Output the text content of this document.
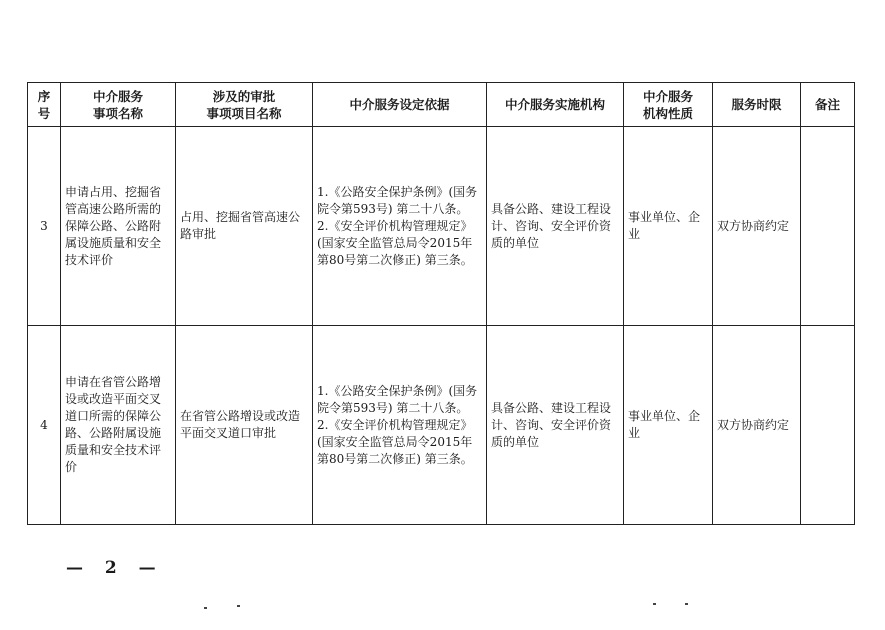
序号	中介服务
事项名称	涉及的审批
事项项目名称	中介服务设定依据	中介服务实施机构	中介服务
机构性质	服务时限	备注
3	申请占用、挖掘省管高速公路所需的保障公路、公路附属设施质量和安全技术评价	占用、挖掘省管高速公路审批	1.《公路安全保护条例》(国务院令第593号) 第二十八条。
2.《安全评价机构管理规定》(国家安全监管总局令2015年第80号第二次修正) 第三条。	具备公路、建设工程设计、咨询、安全评价资质的单位	事业单位、企业	双方协商约定	
4	申请在省管公路增设或改造平面交叉道口所需的保障公路、公路附属设施质量和安全技术评价	在省管公路增设或改造平面交叉道口审批	1.《公路安全保护条例》(国务院令第593号) 第二十八条。
2.《安全评价机构管理规定》(国家安全监管总局令2015年第80号第二次修正) 第三条。	具备公路、建设工程设计、咨询、安全评价资质的单位	事业单位、企业	双方协商约定	
— 2 —
